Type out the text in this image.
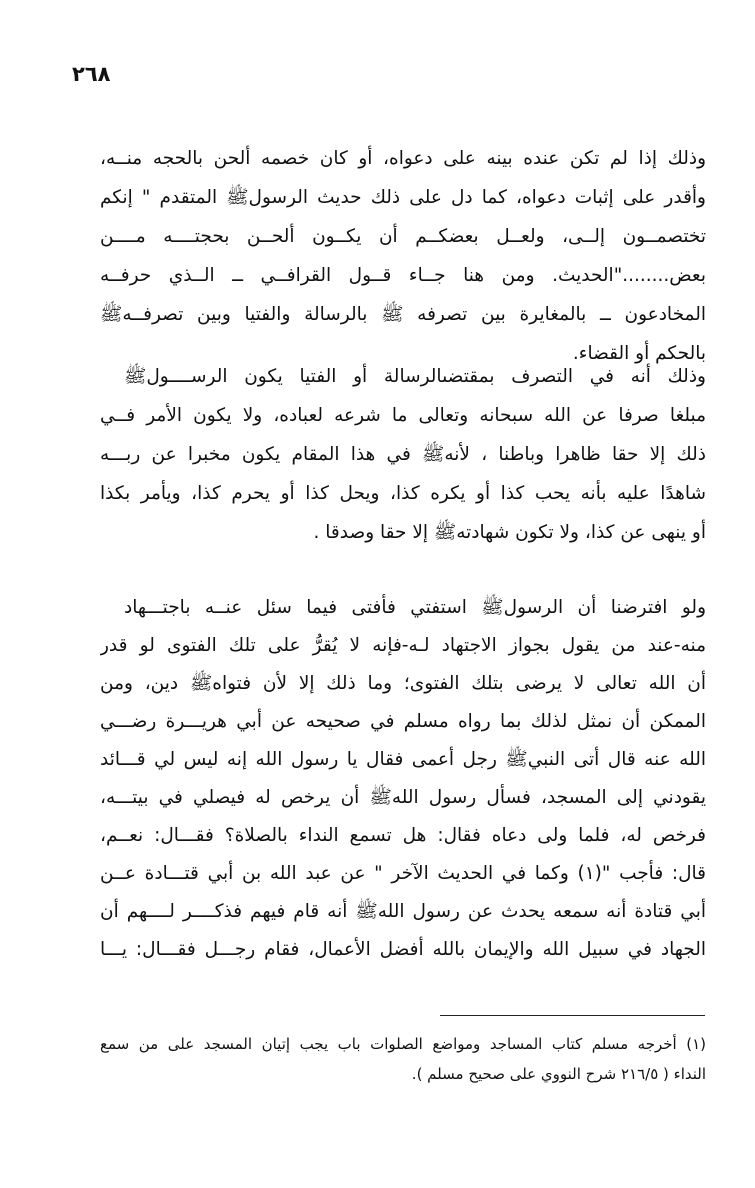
٢٦٨
وذلك إذا لم تكن عنده بينه على دعواه، أو كان خصمه ألحن بالحجه منــه،
وأقدر على إثبات دعواه، كما دل على ذلك حديث الرسولﷺ المتقدم " إنكم
تختصمــون إلــى، ولعــل بعضكــم أن يكــون ألحــن بحجتــــه مــــن
بعض........"الحديث. ومن هنا جــاء قــول القرافــي ــ الــذي حرفــه
المخادعون ــ بالمغايرة بين تصرفه ﷺ بالرسالة والفتيا وبين تصرفــهﷺ
بالحكم أو القضاء.
وذلك أنه في التصرف بمقتضىالرسالة أو الفتيا يكون الرســــولﷺ
مبلغا صرفا عن الله سبحانه وتعالى ما شرعه لعباده، ولا يكون الأمر فــي
ذلك إلا حقا ظاهرا وباطنا ، لأنهﷺ في هذا المقام يكون مخبرا عن ربـــه
شاهدًا عليه بأنه يحب كذا أو يكره كذا، ويحل كذا أو يحرم كذا، ويأمر بكذا
أو ينهى عن كذا، ولا تكون شهادتهﷺ إلا حقا وصدقا .
ولو افترضنا أن الرسولﷺ استفتي فأفتى فيما سئل عنــه باجتـــهاد
منه-عند من يقول بجواز الاجتهاد لـه-فإنه لا يُقرُّ على تلك الفتوى لو قدر
أن الله تعالى لا يرضى بتلك الفتوى؛ وما ذلك إلا لأن فتواهﷺ دين، ومن
الممكن أن نمثل لذلك بما رواه مسلم في صحيحه عن أبي هريـــرة رضـــي
الله عنه قال أتى النبيﷺ رجل أعمى فقال يا رسول الله إنه ليس لي قـــائد
يقودني إلى المسجد، فسأل رسول اللهﷺ أن يرخص له فيصلي في بيتـــه،
فرخص له، فلما ولى دعاه فقال: هل تسمع النداء بالصلاة؟ فقـــال: نعــم،
قال: فأجب "(١) وكما في الحديث الآخر " عن عبد الله بن أبي قتـــادة عــن
أبي قتادة أنه سمعه يحدث عن رسول اللهﷺ أنه قام فيهم فذكــــر لــــهم أن
الجهاد في سبيل الله والإيمان بالله أفضل الأعمال، فقام رجـــل فقـــال: يـــا
(١) أخرجه مسلم كتاب المساجد ومواضع الصلوات باب يجب إتيان المسجد على من سمع
النداء ( ٢١٦/٥ شرح النووي على صحيح مسلم ).
